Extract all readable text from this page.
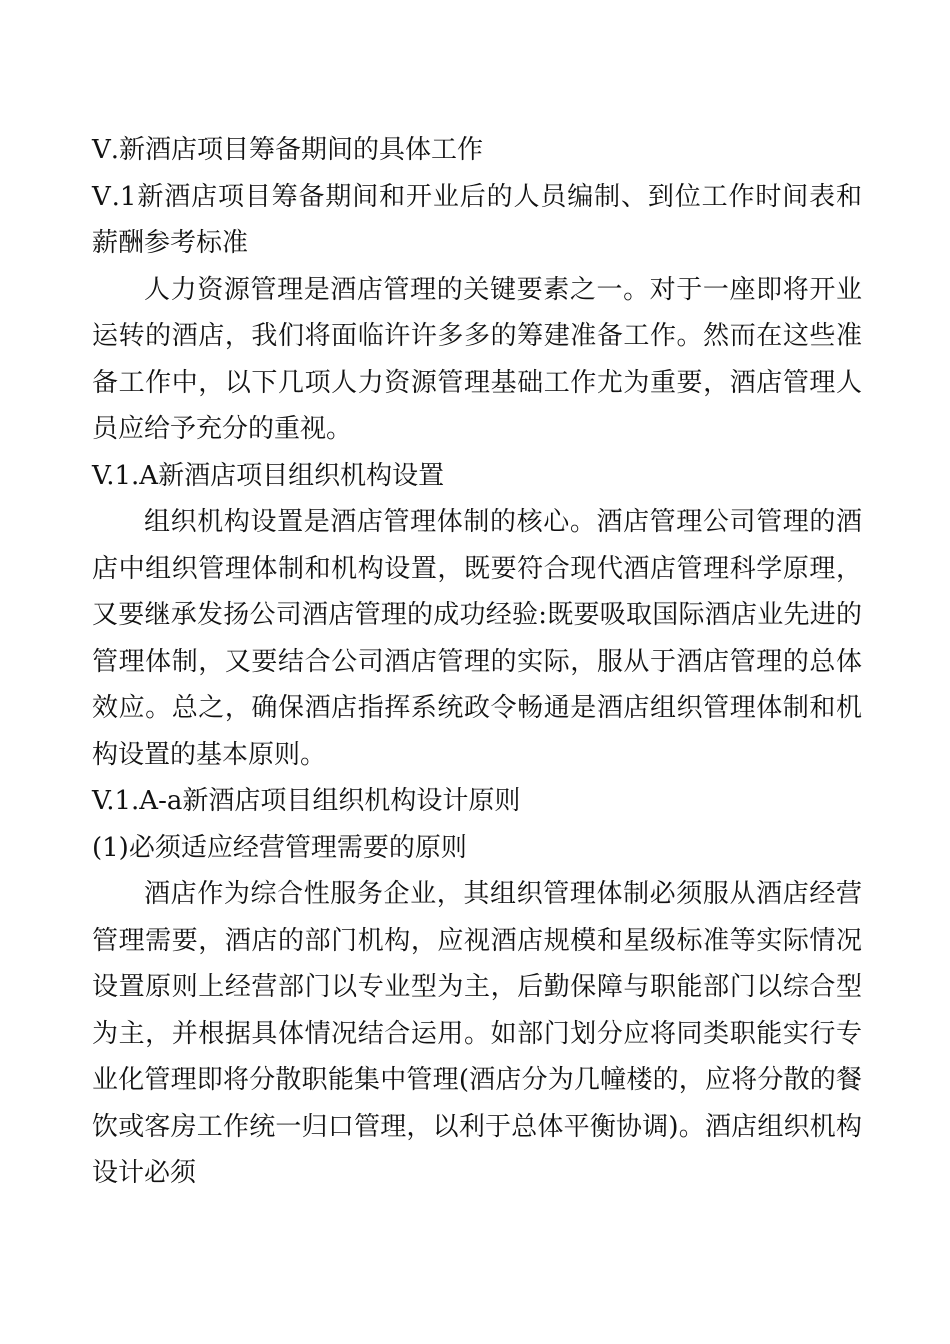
Ⅴ.新酒店项目筹备期间的具体工作
Ⅴ.1新酒店项目筹备期间和开业后的人员编制、到位工作时间表和薪酬参考标准
人力资源管理是酒店管理的关键要素之一。对于一座即将开业运转的酒店，我们将面临许许多多的筹建准备工作。然而在这些准备工作中，以下几项人力资源管理基础工作尤为重要，酒店管理人员应给予充分的重视。
V.1.A新酒店项目组织机构设置
组织机构设置是酒店管理体制的核心。酒店管理公司管理的酒店中组织管理体制和机构设置，既要符合现代酒店管理科学原理，又要继承发扬公司酒店管理的成功经验:既要吸取国际酒店业先进的管理体制，又要结合公司酒店管理的实际，服从于酒店管理的总体效应。总之，确保酒店指挥系统政令畅通是酒店组织管理体制和机构设置的基本原则。
V.1.A-a新酒店项目组织机构设计原则
(1)必须适应经营管理需要的原则
酒店作为综合性服务企业，其组织管理体制必须服从酒店经营管理需要，酒店的部门机构，应视酒店规模和星级标准等实际情况设置原则上经营部门以专业型为主，后勤保障与职能部门以综合型为主，并根据具体情况结合运用。如部门划分应将同类职能实行专业化管理即将分散职能集中管理(酒店分为几幢楼的，应将分散的餐饮或客房工作统一归口管理，以利于总体平衡协调)。酒店组织机构设计必须
